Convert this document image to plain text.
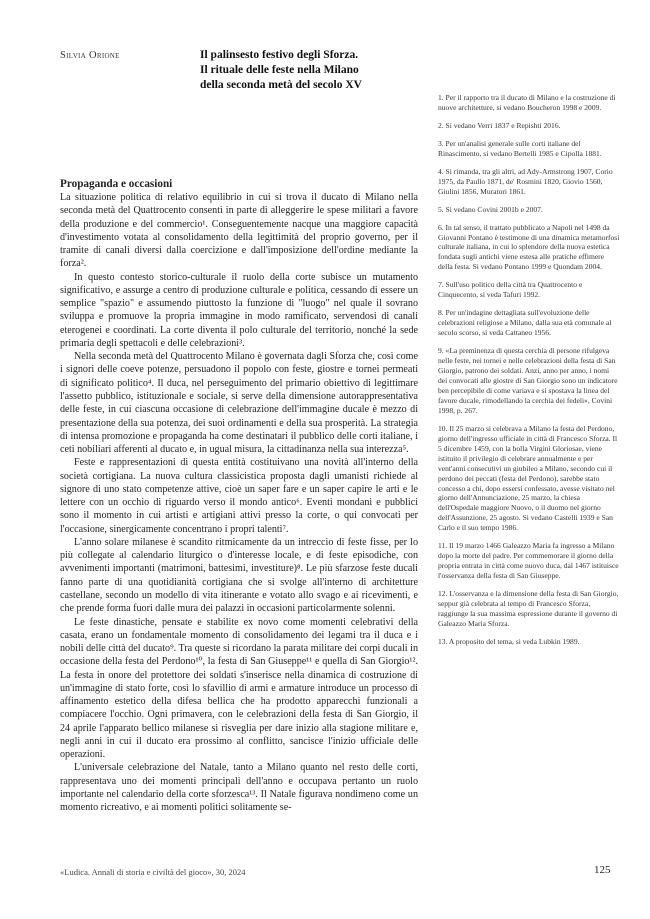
Silvia Orione	Il palinsesto festivo degli Sforza.
Il rituale delle feste nella Milano
della seconda metà del secolo XV
Propaganda e occasioni

La situazione politica di relativo equilibrio in cui si trova il ducato di Milano nella seconda metà del Quattrocento consentì in parte di alleggerire le spese militari a favore della produzione e del commercio¹. Conseguentemente nacque una maggiore capacità d'investimento votata al consolidamento della legittimità del proprio governo, per il tramite di canali diversi dalla coercizione e dall'imposizione dell'ordine mediante la forza².

In questo contesto storico-culturale il ruolo della corte subisce un mutamento significativo, e assurge a centro di produzione culturale e politica, cessando di essere un semplice "spazio" e assumendo piuttosto la funzione di "luogo" nel quale il sovrano sviluppa e promuove la propria immagine in modo ramificato, servendosi di canali eterogenei e coordinati. La corte diventa il polo culturale del territorio, nonché la sede primaria degli spettacoli e delle celebrazioni³.

Nella seconda metà del Quattrocento Milano è governata dagli Sforza che, così come i signori delle coeve potenze, persuadono il popolo con feste, giostre e tornei permeati di significato politico⁴. Il duca, nel perseguimento del primario obiettivo di legittimare l'assetto pubblico, istituzionale e sociale, si serve della dimensione autorappresentativa delle feste, in cui ciascuna occasione di celebrazione dell'immagine ducale è mezzo di presentazione della sua potenza, dei suoi ordinamenti e della sua prosperità. La strategia di intensa promozione e propaganda ha come destinatari il pubblico delle corti italiane, i ceti nobiliari afferenti al ducato e, in ugual misura, la cittadinanza nella sua interezza⁵.

Feste e rappresentazioni di questa entità costituivano una novità all'interno della società cortigiana. La nuova cultura classicistica proposta dagli umanisti richiede al signore di uno stato competenze attive, cioè un saper fare e un saper capire le arti e le lettere con un occhio di riguardo verso il mondo antico⁶. Eventi mondani e pubblici sono il momento in cui artisti e artigiani attivi presso la corte, o qui convocati per l'occasione, sinergicamente concentrano i propri talenti⁷.

L'anno solare milanese è scandito ritmicamente da un intreccio di feste fisse, per lo più collegate al calendario liturgico o d'interesse locale, e di feste episodiche, con avvenimenti importanti (matrimoni, battesimi, investiture)⁸. Le più sfarzose feste ducali fanno parte di una quotidianità cortigiana che si svolge all'interno di architetture castellane, secondo un modello di vita itinerante e votato allo svago e ai ricevimenti, e che prende forma fuori dalle mura dei palazzi in occasioni particolarmente solenni.

Le feste dinastiche, pensate e stabilite ex novo come momenti celebrativi della casata, erano un fondamentale momento di consolidamento dei legami tra il duca e i nobili delle città del ducato⁹. Tra queste si ricordano la parata militare dei corpi ducali in occasione della festa del Perdono¹⁰, la festa di San Giuseppe¹¹ e quella di San Giorgio¹². La festa in onore del protettore dei soldati s'inserisce nella dinamica di costruzione di un'immagine di stato forte, così lo sfavillio di armi e armature introduce un processo di affinamento estetico della difesa bellica che ha prodotto apparecchi funzionali a compiacere l'occhio. Ogni primavera, con le celebrazioni della festa di San Giorgio, il 24 aprile l'apparato bellico milanese si risveglia per dare inizio alla stagione militare e, negli anni in cui il ducato era prossimo al conflitto, sancisce l'inizio ufficiale delle operazioni.

L'universale celebrazione del Natale, tanto a Milano quanto nel resto delle corti, rappresentava uno dei momenti principali dell'anno e occupava pertanto un ruolo importante nel calendario della corte sforzesca¹³. Il Natale figurava nondimeno come un momento ricreativo, e ai momenti politici solitamente se-

1. Per il rapporto tra il ducato di Milano e la costruzione di nuove architetture, si vedano Boucheron 1998 e 2009.

2. Si vedano Verri 1837 e Repishti 2016.

3. Per un'analisi generale sulle corti italiane del Rinascimento, si vedano Bertelli 1985 e Cipolla 1881.

4. Si rimanda, tra gli altri, ad Ady-Armstrong 1907, Corio 1975, da Paullo 1871, de' Rosmini 1820, Giovio 1560, Giulini 1856, Muratori 1861.

5. Si vedano Covini 2001b e 2007.

6. In tal senso, il trattato pubblicato a Napoli nel 1498 da Giovanni Pontano è testimone di una dinamica metamorfosi culturale italiana, in cui lo splendore della nuova estetica fondata sugli antichi viene estesa alle pratiche effimere della festa. Si vedano Pontano 1999 e Quondam 2004.

7. Sull'uso politico della città tra Quattrocento e Cinquecento, si veda Tafuri 1992.

8. Per un'indagine dettagliata sull'evoluzione delle celebrazioni religiose a Milano, dalla sua età comunale al secolo scorso, si veda Cattaneo 1956.

9. «La preminenza di questa cerchia di persone rifulgeva nelle feste, nei tornei e nelle celebrazioni della festa di San Giorgio, patrono dei soldati. Anzi, anno per anno, i nomi dei convocati alle giostre di San Giorgio sono un indicatore ben percepibile di come variava e si spostava la linea del favore ducale, rimodellando la cerchia dei fedeli», Covini 1998, p. 267.

10. Il 25 marzo si celebrava a Milano la festa del Perdono, giorno dell'ingresso ufficiale in città di Francesco Sforza. Il 5 dicembre 1459, con la bolla Virgini Gloriosae, viene istituito il privilegio di celebrare annualmente e per vent'anni consecutivi un giubileo a Milano, secondo cui il perdono dei peccati (festa del Perdono), sarebbe stato concesso a chi, dopo essersi confessato, avesse visitato nel giorno dell'Annunciazione, 25 marzo, la chiesa dell'Ospedale maggiore Nuovo, o il duomo nel giorno dell'Assunzione, 25 agosto. Si vedano Castelli 1939 e San Carlo e il suo tempo 1986.

11. Il 19 marzo 1466 Galeazzo Maria fa ingresso a Milano dopo la morte del padre. Per commemorare il giorno della propria entrata in città come nuovo duca, dal 1467 istituisce l'osservanza della festa di San Giuseppe.

12. L'osservanza e la dimensione della festa di San Giorgio, seppur già celebrata al tempo di Francesco Sforza, raggiunge la sua massima espressione durante il governo di Galeazzo Maria Sforza.

13. A proposito del tema, si veda Lubkin 1989.

«Ludica. Annali di storia e civiltà del gioco», 30, 2024	125
